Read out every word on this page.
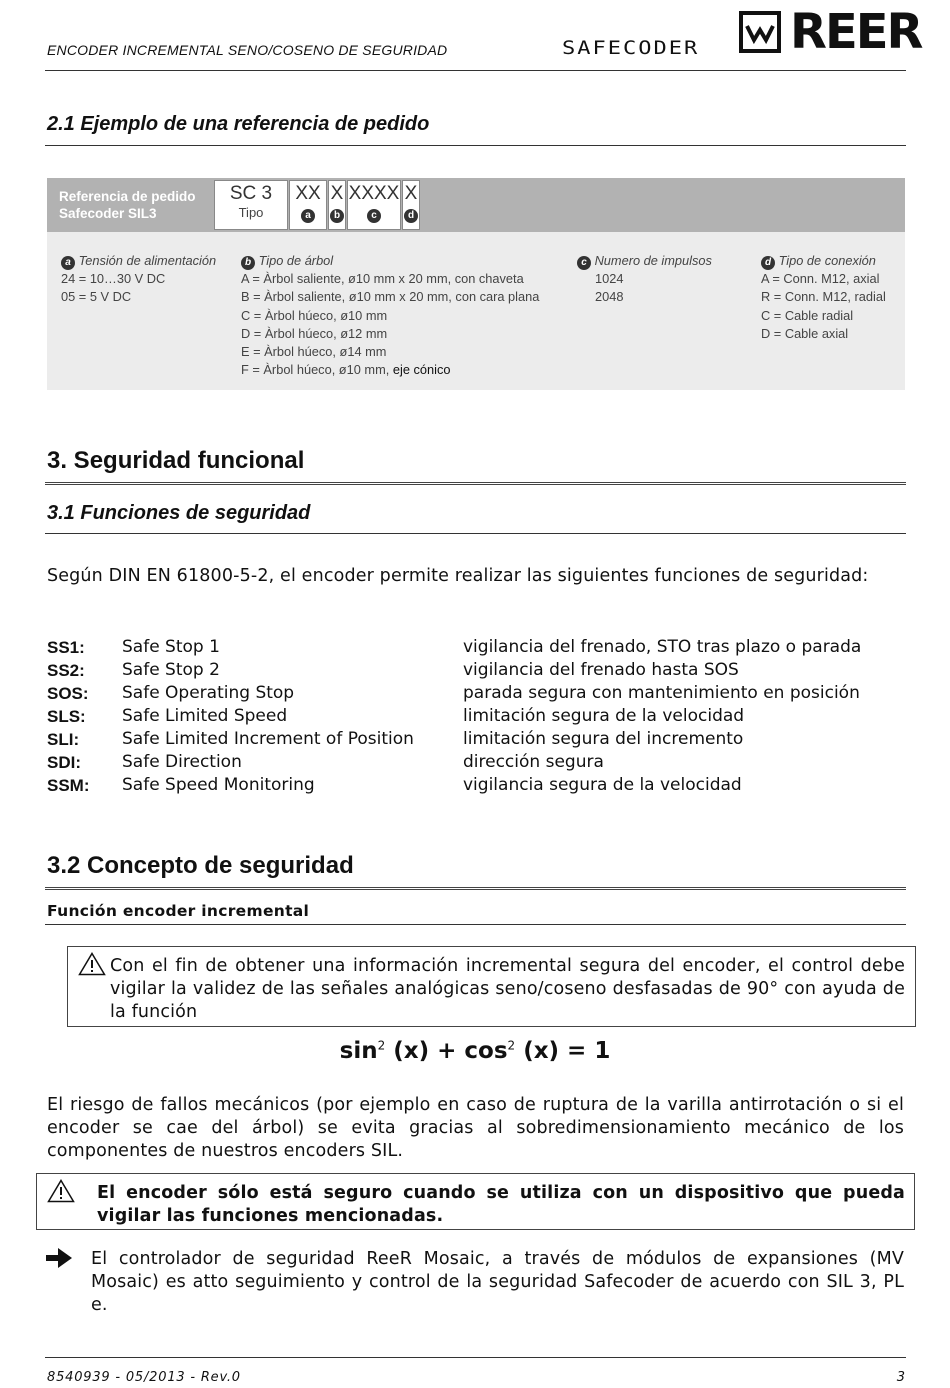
ENCODER INCREMENTAL SENO/COSENO DE SEGURIDAD	SAFECODER REER
2.1 Ejemplo de una referencia de pedido
Referencia de pedido
Safecoder SIL3
SC 3
Tipo
XX
a
X
b
XXXX
c
X
d
a Tensión de alimentación
24 = 10…30 V DC
05 = 5 V DC
b Tipo de árbol
A = Àrbol saliente, ø10 mm x 20 mm, con chaveta
B = Àrbol saliente, ø10 mm x 20 mm, con cara plana
C = Àrbol húeco, ø10 mm
D = Àrbol húeco, ø12 mm
E = Àrbol húeco, ø14 mm
F = Àrbol húeco, ø10 mm, eje cónico
c Numero de impulsos
1024
2048
d Tipo de conexión
A = Conn. M12, axial
R = Conn. M12, radial
C = Cable radial
D = Cable axial
3. Seguridad funcional
3.1 Funciones de seguridad
Según DIN EN 61800-5-2, el encoder permite realizar las siguientes funciones de seguridad:
SS1: Safe Stop 1	vigilancia del frenado, STO tras plazo o parada
SS2: Safe Stop 2	vigilancia del frenado hasta SOS
SOS: Safe Operating Stop	parada segura con mantenimiento en posición
SLS: Safe Limited Speed	limitación segura de la velocidad
SLI:	Safe Limited Increment of Position	limitación segura del incremento
SDI: Safe Direction	dirección segura
SSM: Safe Speed Monitoring	vigilancia segura de la velocidad
3.2 Concepto de seguridad
Función encoder incremental
Con el fin de obtener una información incremental segura del encoder, el control debe vigilar la validez de las señales analógicas seno/coseno desfasadas de 90° con ayuda de la función
$\sin^2 (x) + \cos^2 (x) = 1$
El riesgo de fallos mecánicos (por ejemplo en caso de ruptura de la varilla antirrotación o si el encoder se cae del árbol) se evita gracias al sobredimensionamiento mecánico de los componentes de nuestros encoders SIL.
El encoder sólo está seguro cuando se utiliza con un dispositivo que pueda vigilar las funciones mencionadas.
El controlador de seguridad ReeR Mosaic, a través de módulos de expansiones (MV Mosaic) es atto seguimiento y control de la seguridad Safecoder de acuerdo con SIL 3, PL e.
8540939 - 05/2013 - Rev.0	3
